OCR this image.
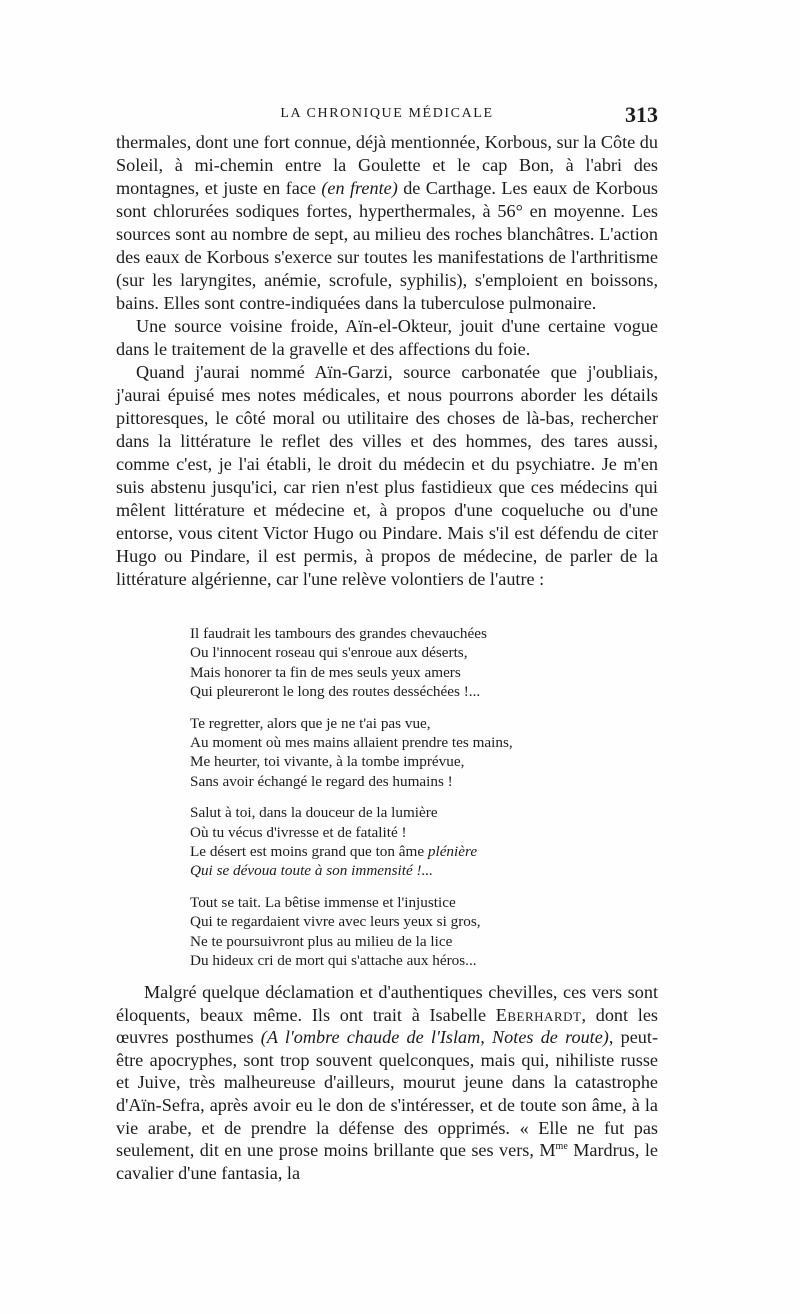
LA CHRONIQUE MÉDICALE	313

thermales, dont une fort connue, déjà mentionnée, Korbous, sur la Côte du Soleil, à mi-chemin entre la Goulette et le cap Bon, à l'abri des montagnes, et juste en face (en frente) de Carthage. Les eaux de Korbous sont chlorurées sodiques fortes, hyperthermales, à 56° en moyenne. Les sources sont au nombre de sept, au milieu des roches blanchâtres. L'action des eaux de Korbous s'exerce sur toutes les manifestations de l'arthritisme (sur les laryngites, anémie, scrofule, syphilis), s'emploient en boissons, bains. Elles sont contre-indiquées dans la tuberculose pulmonaire.

Une source voisine froide, Aïn-el-Okteur, jouit d'une certaine vogue dans le traitement de la gravelle et des affections du foie.

Quand j'aurai nommé Aïn-Garzi, source carbonatée que j'oubliais, j'aurai épuisé mes notes médicales, et nous pourrons aborder les détails pittoresques, le côté moral ou utilitaire des choses de là-bas, rechercher dans la littérature le reflet des villes et des hommes, des tares aussi, comme c'est, je l'ai établi, le droit du médecin et du psychiatre. Je m'en suis abstenu jusqu'ici, car rien n'est plus fastidieux que ces médecins qui mêlent littérature et médecine et, à propos d'une coqueluche ou d'une entorse, vous citent Victor Hugo ou Pindare. Mais s'il est défendu de citer Hugo ou Pindare, il est permis, à propos de médecine, de parler de la littérature algérienne, car l'une relève volontiers de l'autre :

Il faudrait les tambours des grandes chevauchées
Ou l'innocent roseau qui s'enroue aux déserts,
Mais honorer ta fin de mes seuls yeux amers
Qui pleureront le long des routes desséchées !...
Te regretter, alors que je ne t'ai pas vue,
Au moment où mes mains allaient prendre tes mains,
Me heurter, toi vivante, à la tombe imprévue,
Sans avoir échangé le regard des humains !
Salut à toi, dans la douceur de la lumière
Où tu vécus d'ivresse et de fatalité !
Le désert est moins grand que ton âme plénière
Qui se dévoua toute à son immensité !...
Tout se tait. La bêtise immense et l'injustice
Qui te regardaient vivre avec leurs yeux si gros,
Ne te poursuivront plus au milieu de la lice
Du hideux cri de mort qui s'attache aux héros...

Malgré quelque déclamation et d'authentiques chevilles, ces vers sont éloquents, beaux même. Ils ont trait à Isabelle Eberhardt, dont les œuvres posthumes (A l'ombre chaude de l'Islam, Notes de route), peut-être apocryphes, sont trop souvent quelconques, mais qui, nihiliste russe et Juive, très malheureuse d'ailleurs, mourut jeune dans la catastrophe d'Aïn-Sefra, après avoir eu le don de s'intéresser, et de toute son âme, à la vie arabe, et de prendre la défense des opprimés. « Elle ne fut pas seulement, dit en une prose moins brillante que ses vers, $M^{me}$ Mardrus, le cavalier d'une fantasia, la
